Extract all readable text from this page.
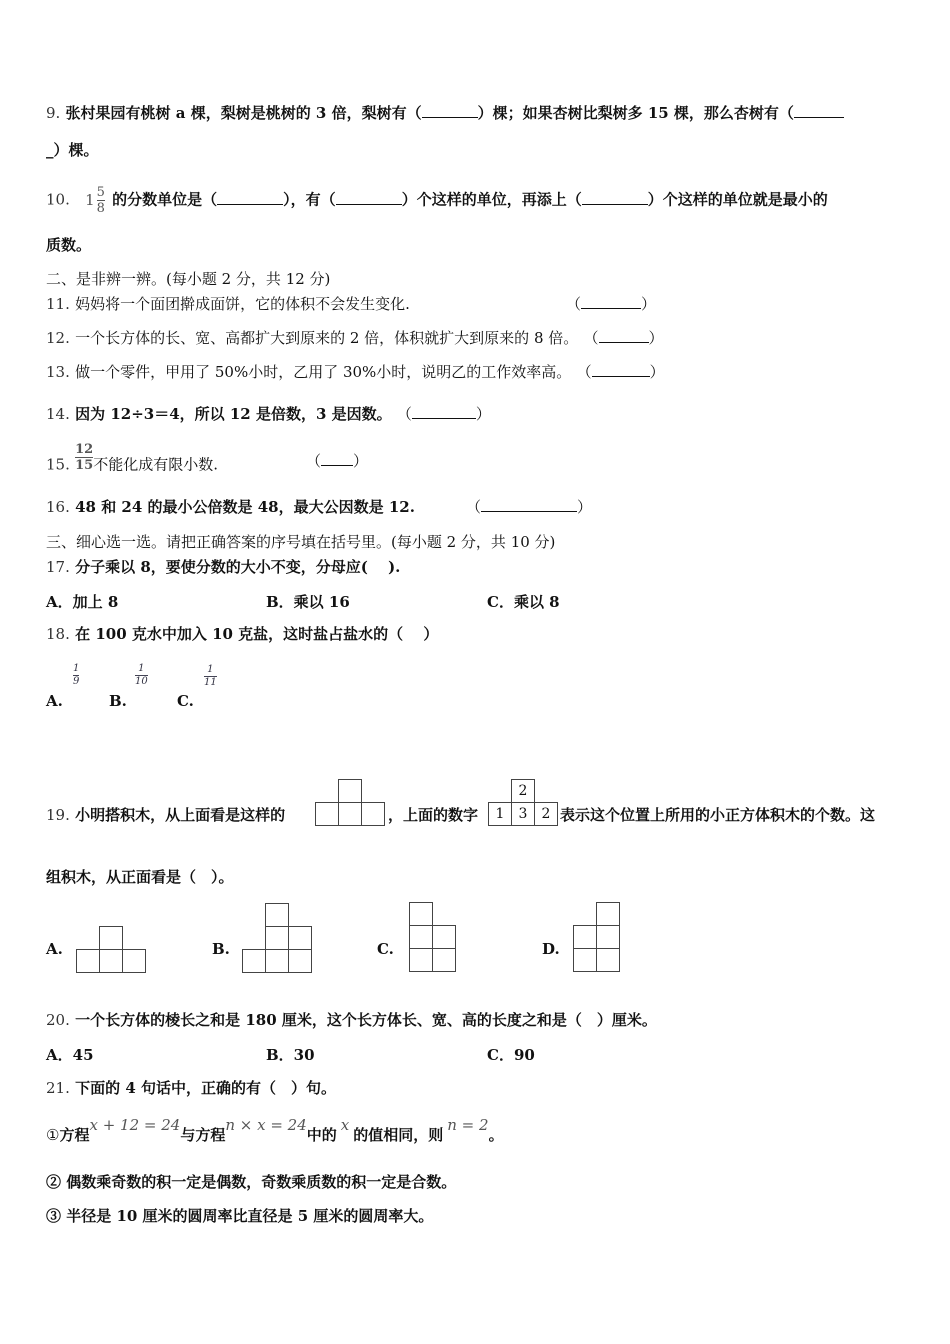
9. 张村果园有桃树 a 棵，梨树是桃树的 3 倍，梨树有（	）棵；如果杏树比梨树多 15 棵，那么杏树有（
_）棵。
10. $1 \frac{5}{8}$ 的分数单位是（	），有（	）个这样的单位，再添上（	）个这样的单位就是最小的
质数。
二、是非辨一辨。(每小题 2 分，共 12 分)
11. 妈妈将一个面团擀成面饼，它的体积不会发生变化.	（	）
12. 一个长方体的长、宽、高都扩大到原来的 2 倍，体积就扩大到原来的 8 倍。 （	）
13. 做一个零件，甲用了 50%小时，乙用了 30%小时，说明乙的工作效率高。 （	）
14. 因为 12÷3＝4，所以 12 是倍数，3 是因数。 （	）
15. $\frac{12}{15}$ 不能化成有限小数.	（ ）
16. 48 和 24 的最小公倍数是 48，最大公因数是 12.	（	）
三、细心选一选。请把正确答案的序号填在括号里。(每小题 2 分，共 10 分)
17. 分子乘以 8，要使分数的大小不变，分母应(　 ).
A．加上 8	B．乘以 16	C．乘以 8
18. 在 100 克水中加入 10 克盐，这时盐占盐水的（　 ）
A.
1
9
B.
1
10
C.
1
11
19. 小明搭积木，从上面看是这样的	，上面的数字
2
1	3	2 表示这个位置上所用的小正方体积木的个数。这
组积木，从正面看是（　）。
A.	B.	C.	D.
20. 一个长方体的棱长之和是 180 厘米，这个长方体长、宽、高的长度之和是（　）厘米。
A．45	B．30	C．90
21. 下面的 4 句话中，正确的有（　）句。
①方程x + 12 = 24与方程n × x = 24中的x的值相同，则n = 2。
② 偶数乘奇数的积一定是偶数，奇数乘质数的积一定是合数。
③ 半径是 10 厘米的圆周率比直径是 5 厘米的圆周率大。
